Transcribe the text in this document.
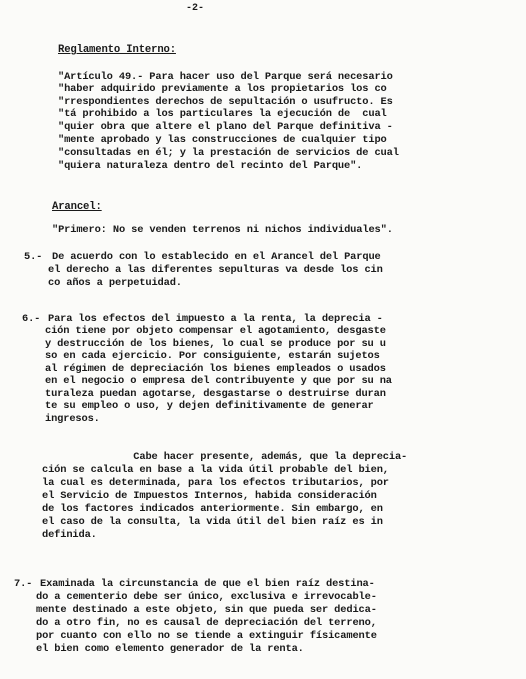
-2-
Reglamento Interno:
"Artículo 49.- Para hacer uso del Parque será necesario
"haber adquirido previamente a los propietarios los co
"rrespondientes derechos de sepultación o usufructo. Es
"tá prohibido a los particulares la ejecución de  cual
"quier obra que altere el plano del Parque definitiva -
"mente aprobado y las construcciones de cualquier tipo
"consultadas en él; y la prestación de servicios de cual
"quiera naturaleza dentro del recinto del Parque".
Arancel:
"Primero: No se venden terrenos ni nichos individuales".
5.- De acuerdo con lo establecido en el Arancel del Parque
el derecho a las diferentes sepulturas va desde los cin
co años a perpetuidad.
6.- Para los efectos del impuesto a la renta, la deprecia -
ción tiene por objeto compensar el agotamiento, desgaste
y destrucción de los bienes, lo cual se produce por su u
so en cada ejercicio. Por consiguiente, estarán sujetos
al régimen de depreciación los bienes empleados o usados
en el negocio o empresa del contribuyente y que por su na
turaleza puedan agotarse, desgastarse o destruirse duran
te su empleo o uso, y dejen definitivamente de generar
ingresos.
Cabe hacer presente, además, que la deprecia-
ción se calcula en base a la vida útil probable del bien,
la cual es determinada, para los efectos tributarios, por
el Servicio de Impuestos Internos, habida consideración
de los factores indicados anteriormente. Sin embargo, en
el caso de la consulta, la vida útil del bien raíz es in
definida.
7.- Examinada la circunstancia de que el bien raíz destina-
do a cementerio debe ser único, exclusiva e irrevocable-
mente destinado a este objeto, sin que pueda ser dedica-
do a otro fin, no es causal de depreciación del terreno,
por cuanto con ello no se tiende a extinguir físicamente
el bien como elemento generador de la renta.
